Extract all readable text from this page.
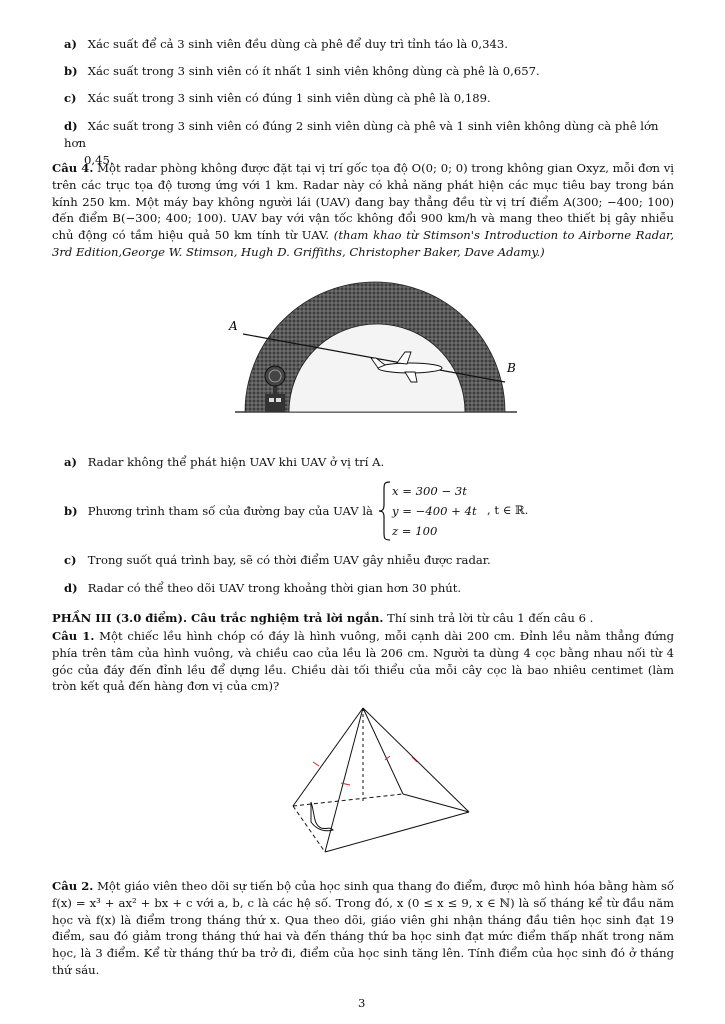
a) Xác suất để cả 3 sinh viên đều dùng cà phê để duy trì tỉnh táo là 0,343.
b) Xác suất trong 3 sinh viên có ít nhất 1 sinh viên không dùng cà phê là 0,657.
c) Xác suất trong 3 sinh viên có đúng 1 sinh viên dùng cà phê là 0,189.
d) Xác suất trong 3 sinh viên có đúng 2 sinh viên dùng cà phê và 1 sinh viên không dùng cà phê lớn hơn
0,45.
Câu 4. Một radar phòng không được đặt tại vị trí gốc tọa độ O(0; 0; 0) trong không gian Oxyz, mỗi đơn vị trên các trục tọa độ tương ứng với 1 km. Radar này có khả năng phát hiện các mục tiêu bay trong bán kính 250 km. Một máy bay không người lái (UAV) đang bay thẳng đều từ vị trí điểm A(300; −400; 100) đến điểm B(−300; 400; 100). UAV bay với vận tốc không đổi 900 km/h và mang theo thiết bị gây nhiễu chủ động có tầm hiệu quả 50 km tính từ UAV. (tham khao từ Stimson's Introduction to Airborne Radar, 3rd Edition,George W. Stimson, Hugh D. Griffiths, Christopher Baker, Dave Adamy.)
A
B
a) Radar không thể phát hiện UAV khi UAV ở vị trí A.
b) Phương trình tham số của đường bay của UAV là
x = 300 − 3t
y = −400 + 4t
z = 100
, t ∈ ℝ.
c) Trong suốt quá trình bay, sẽ có thời điểm UAV gây nhiễu được radar.
d) Radar có thể theo dõi UAV trong khoảng thời gian hơn 30 phút.
PHẦN III (3.0 điểm). Câu trắc nghiệm trả lời ngắn. Thí sinh trả lời từ câu 1 đến câu 6 .
Câu 1. Một chiếc lều hình chóp có đáy là hình vuông, mỗi cạnh dài 200 cm. Đỉnh lều nằm thẳng đứng phía trên tâm của hình vuông, và chiều cao của lều là 206 cm. Người ta dùng 4 cọc bằng nhau nối từ 4 góc của đáy đến đỉnh lều để dựng lều. Chiều dài tối thiểu của mỗi cây cọc là bao nhiêu centimet (làm tròn kết quả đến hàng đơn vị của cm)?
Câu 2. Một giáo viên theo dõi sự tiến bộ của học sinh qua thang đo điểm, được mô hình hóa bằng hàm số f(x) = x³ + ax² + bx + c với a, b, c là các hệ số. Trong đó, x (0 ≤ x ≤ 9, x ∈ ℕ) là số tháng kể từ đầu năm học và f(x) là điểm trong tháng thứ x. Qua theo dõi, giáo viên ghi nhận tháng đầu tiên học sinh đạt 19 điểm, sau đó giảm trong tháng thứ hai và đến tháng thứ ba học sinh đạt mức điểm thấp nhất trong năm học, là 3 điểm. Kể từ tháng thứ ba trở đi, điểm của học sinh tăng lên. Tính điểm của học sinh đó ở tháng thứ sáu.
3
